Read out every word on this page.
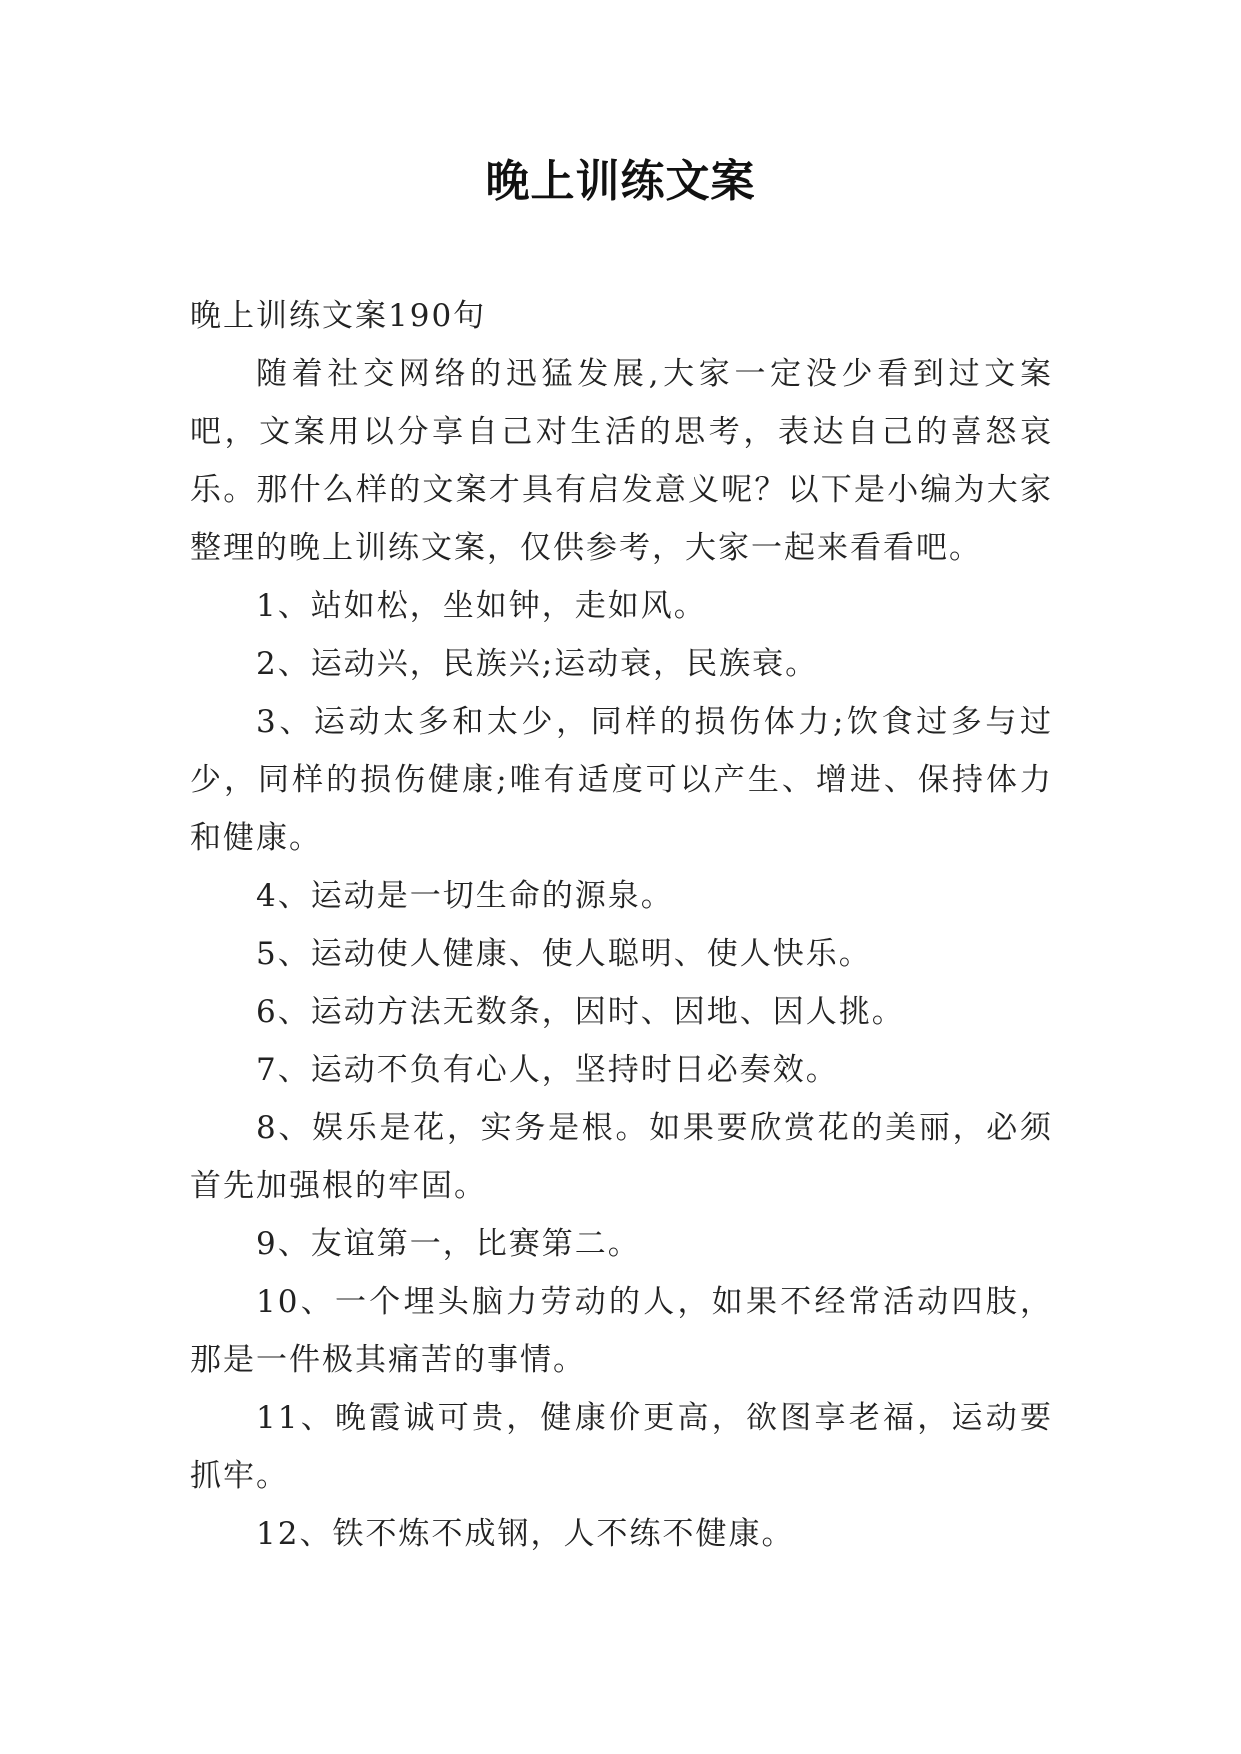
晚上训练文案

晚上训练文案190句

随着社交网络的迅猛发展,大家一定没少看到过文案吧，文案用以分享自己对生活的思考，表达自己的喜怒哀乐。那什么样的文案才具有启发意义呢？以下是小编为大家整理的晚上训练文案，仅供参考，大家一起来看看吧。

1、站如松，坐如钟，走如风。

2、运动兴，民族兴;运动衰，民族衰。

3、运动太多和太少，同样的损伤体力;饮食过多与过少，同样的损伤健康;唯有适度可以产生、增进、保持体力和健康。

4、运动是一切生命的源泉。

5、运动使人健康、使人聪明、使人快乐。

6、运动方法无数条，因时、因地、因人挑。

7、运动不负有心人，坚持时日必奏效。

8、娱乐是花，实务是根。如果要欣赏花的美丽，必须首先加强根的牢固。

9、友谊第一，比赛第二。

10、一个埋头脑力劳动的人，如果不经常活动四肢，那是一件极其痛苦的事情。

11、晚霞诚可贵，健康价更高，欲图享老福，运动要抓牢。

12、铁不炼不成钢，人不练不健康。
